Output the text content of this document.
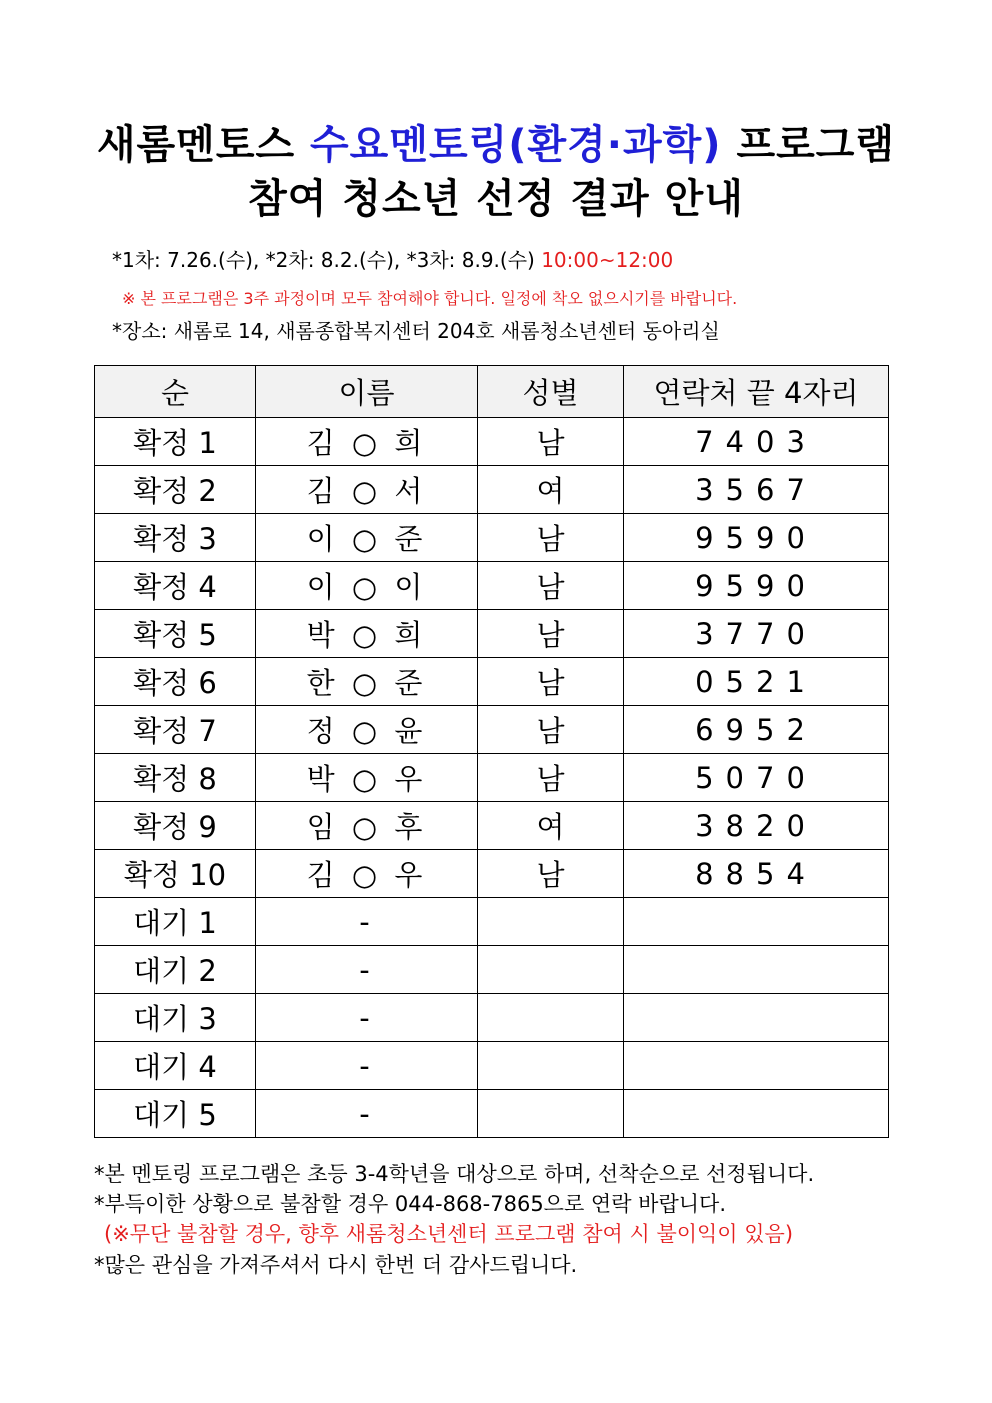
새롬멘토스 수요멘토링(환경·과학) 프로그램
참여 청소년 선정 결과 안내
*1차: 7.26.(수), *2차: 8.2.(수), *3차: 8.9.(수) 10:00~12:00
※ 본 프로그램은 3주 과정이며 모두 참여해야 합니다. 일정에 착오 없으시기를 바랍니다.
*장소: 새롬로 14, 새롬종합복지센터 204호 새롬청소년센터 동아리실
순	이름	성별	연락처 끝 4자리
확정 1	김 ○ 희	남	7403
확정 2	김 ○ 서	여	3567
확정 3	이 ○ 준	남	9590
확정 4	이 ○ 이	남	9590
확정 5	박 ○ 희	남	3770
확정 6	한 ○ 준	남	0521
확정 7	정 ○ 윤	남	6952
확정 8	박 ○ 우	남	5070
확정 9	임 ○ 후	여	3820
확정 10	김 ○ 우	남	8854
대기 1	-		
대기 2	-		
대기 3	-		
대기 4	-		
대기 5	-		
*본 멘토링 프로그램은 초등 3-4학년을 대상으로 하며, 선착순으로 선정됩니다.
*부득이한 상황으로 불참할 경우 044-868-7865으로 연락 바랍니다.
(※무단 불참할 경우, 향후 새롬청소년센터 프로그램 참여 시 불이익이 있음)
*많은 관심을 가져주셔서 다시 한번 더 감사드립니다.
